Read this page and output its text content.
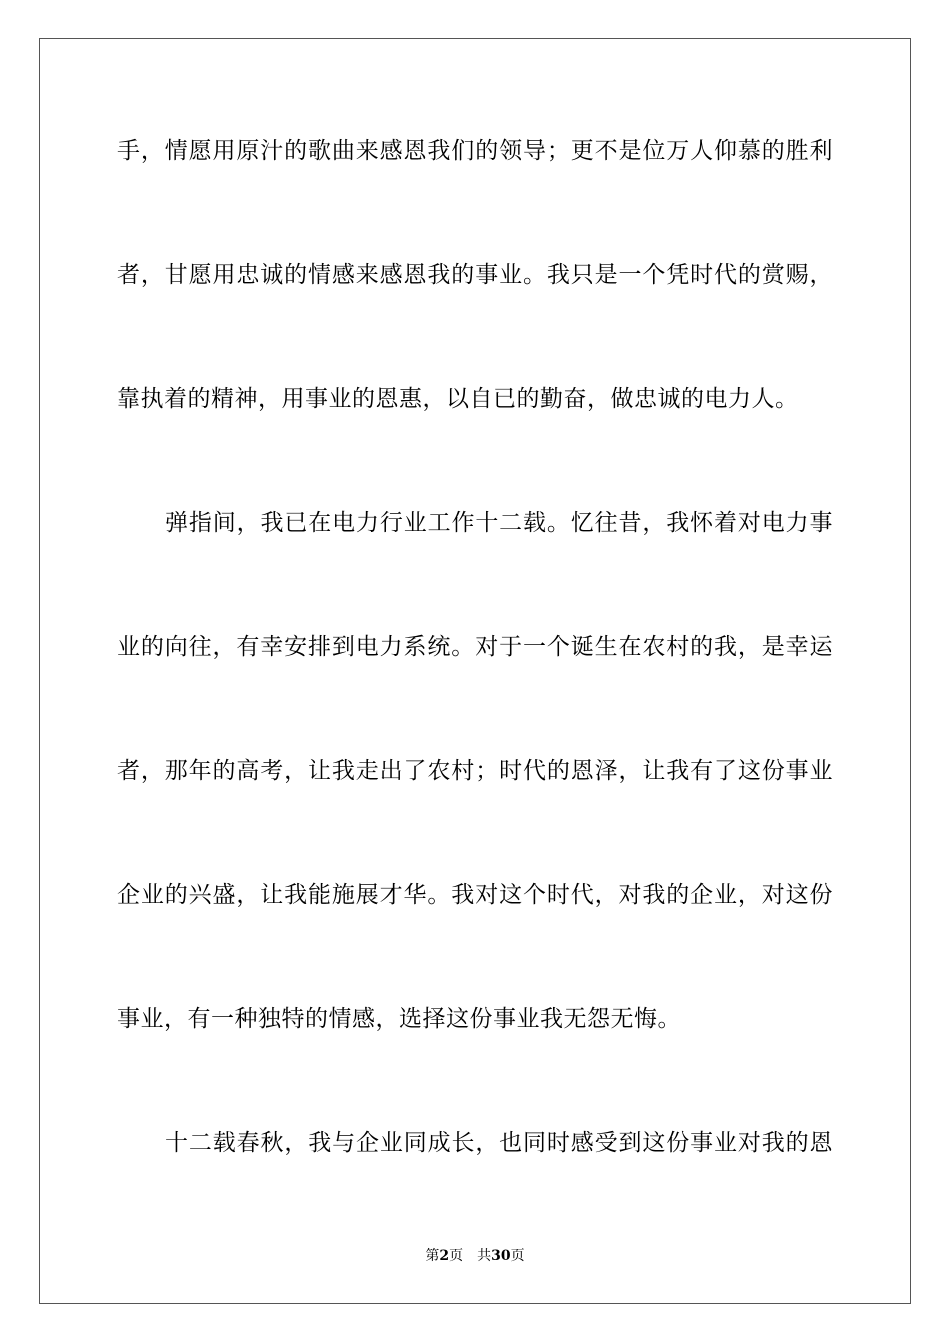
手，情愿用原汁的歌曲来感恩我们的领导；更不是位万人仰慕的胜利
者，甘愿用忠诚的情感来感恩我的事业。我只是一个凭时代的赏赐，
靠执着的精神，用事业的恩惠，以自已的勤奋，做忠诚的电力人。
弹指间，我已在电力行业工作十二载。忆往昔，我怀着对电力事
业的向往，有幸安排到电力系统。对于一个诞生在农村的我，是幸运
者，那年的高考，让我走出了农村；时代的恩泽，让我有了这份事业
企业的兴盛，让我能施展才华。我对这个时代，对我的企业，对这份
事业，有一种独特的情感，选择这份事业我无怨无悔。
十二载春秋，我与企业同成长，也同时感受到这份事业对我的恩
第2页 共30页
